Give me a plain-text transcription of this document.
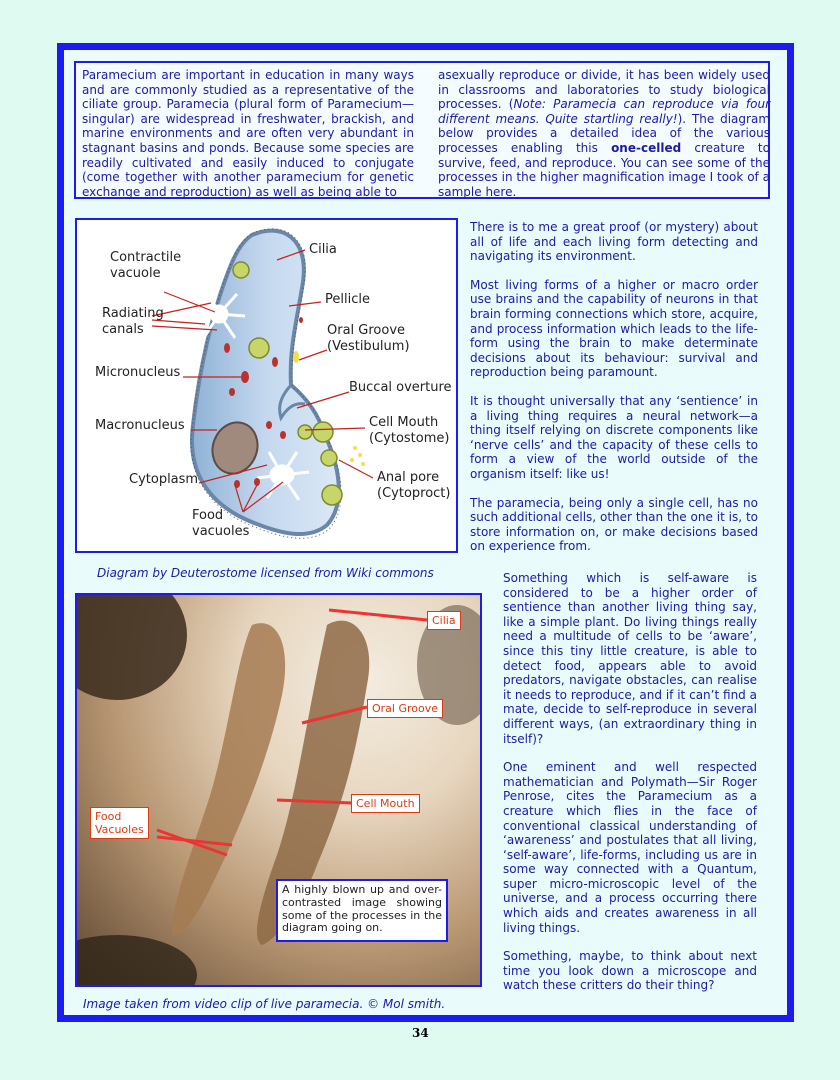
Paramecium are important in education in many ways and are commonly studied as a representative of the ciliate group. Paramecia (plural form of Paramecium—singular) are widespread in freshwater, brackish, and marine environments and are often very abundant in stagnant basins and ponds. Because some species are readily cultivated and easily induced to conjugate (come together with another paramecium for genetic exchange and reproduction) as well as being able to
asexually reproduce or divide, it has been widely used in classrooms and laboratories to study biological processes. (Note: Paramecia can reproduce via four different means. Quite startling really!). The diagram below provides a detailed idea of the various processes enabling this one-celled creature to survive, feed, and reproduce. You can see some of the processes in the higher magnification image I took of a sample here.
Cilia
Contractile
vacuole
Pellicle
Radiating
canals	Oral Groove
(Vestibulum)
Micronucleus
Buccal overture
Macronucleus	Cell Mouth
(Cytostome)
Cytoplasm	Anal pore
(Cytoproct)
Food
vacuoles
Diagram by Deuterostome licensed from Wiki commons
Cilia
Oral Groove
Cell Mouth
Food
Vacuoles
A highly blown up and over-contrasted image showing some of the processes in the diagram going on.
Image taken from video clip of live paramecia. © Mol smith.

There is to me a great proof (or mystery) about all of life and each living form detecting and navigating its environment.

Most living forms of a higher or macro order use brains and the capability of neurons in that brain forming connections which store, acquire, and process information which leads to the life-form using the brain to make determinate decisions about its behaviour: survival and reproduction being paramount.

It is thought universally that any ‘sentience’ in a living thing requires a neural network—a thing itself relying on discrete components like ‘nerve cells’ and the capacity of these cells to form a view of the world outside of the organism itself: like us!

The paramecia, being only a single cell, has no such additional cells, other than the one it is, to store information on, or make decisions based on experience from.

Something which is self-aware is considered to be a higher order of sentience than another living thing say, like a simple plant. Do living things really need a multitude of cells to be ‘aware’, since this tiny little creature, is able to detect food, appears able to avoid predators, navigate obstacles, can realise it needs to reproduce, and if it can’t find a mate, decide to self-reproduce in several different ways, (an extraordinary thing in itself)?

One eminent and well respected mathematician and Polymath—Sir Roger Penrose, cites the Paramecium as a creature which flies in the face of conventional classical understanding of ‘awareness’ and postulates that all living, ‘self-aware’, life-forms, including us are in some way connected with a Quantum, super micro-microscopic level of the universe, and a process occurring there which aids and creates awareness in all living things.

Something, maybe, to think about next time you look down a microscope and watch these critters do their thing?

34
